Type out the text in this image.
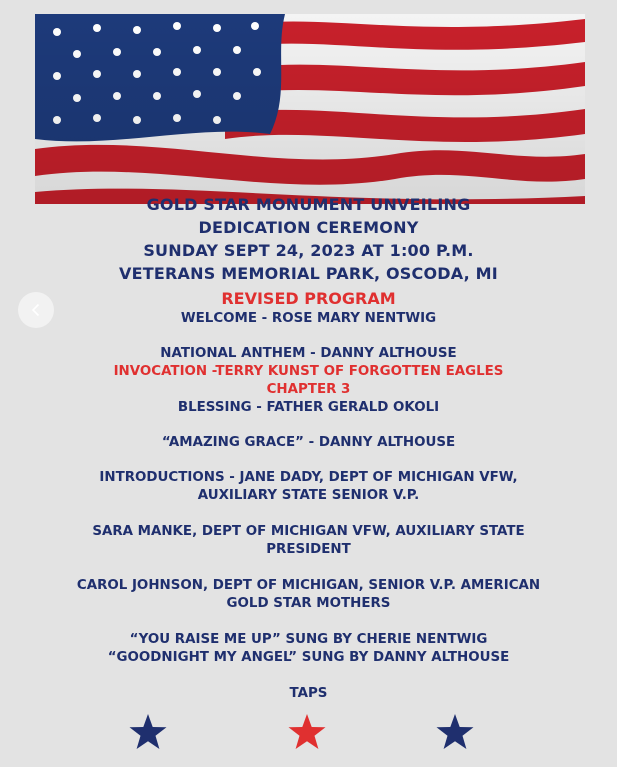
GOLD STAR MONUMENT UNVEILING
DEDICATION CEREMONY
SUNDAY SEPT 24, 2023 AT 1:00 P.M.
VETERANS MEMORIAL PARK, OSCODA, MI
REVISED PROGRAM
WELCOME - ROSE MARY NENTWIG
NATIONAL ANTHEM - DANNY ALTHOUSE
INVOCATION -TERRY KUNST OF FORGOTTEN EAGLES
CHAPTER 3
BLESSING - FATHER GERALD OKOLI
“AMAZING GRACE” - DANNY ALTHOUSE
INTRODUCTIONS - JANE DADY, DEPT OF MICHIGAN VFW,
AUXILIARY STATE SENIOR V.P.
SARA MANKE, DEPT OF MICHIGAN VFW, AUXILIARY STATE
PRESIDENT
CAROL JOHNSON, DEPT OF MICHIGAN, SENIOR V.P. AMERICAN
GOLD STAR MOTHERS
“YOU RAISE ME UP” SUNG BY CHERIE NENTWIG
“GOODNIGHT MY ANGEL” SUNG BY DANNY ALTHOUSE
TAPS
